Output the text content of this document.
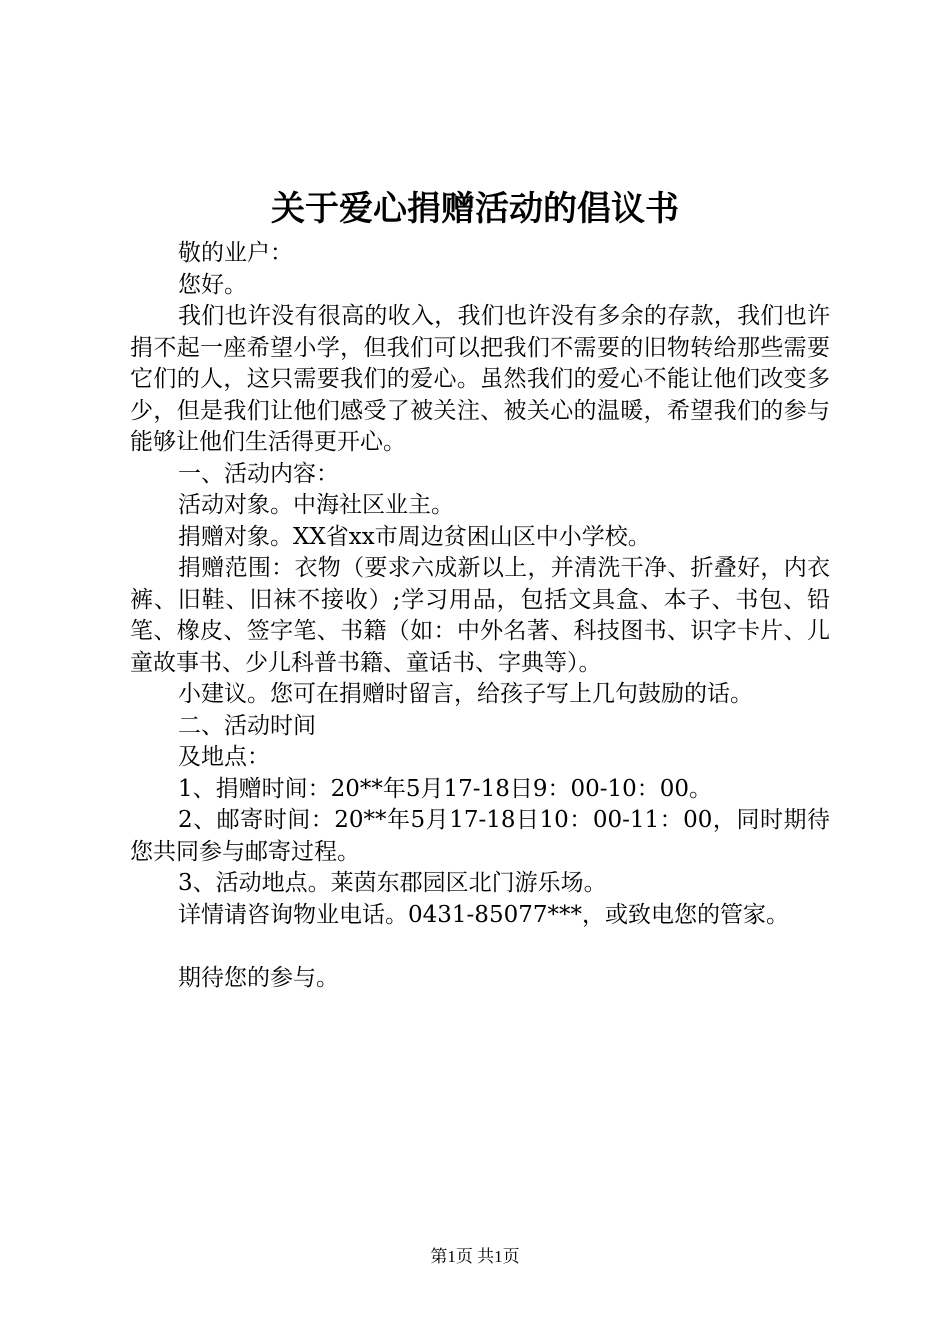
关于爱心捐赠活动的倡议书

敬的业户：

您好。

我们也许没有很高的收入，我们也许没有多余的存款，我们也许捐不起一座希望小学，但我们可以把我们不需要的旧物转给那些需要它们的人，这只需要我们的爱心。虽然我们的爱心不能让他们改变多少，但是我们让他们感受了被关注、被关心的温暖，希望我们的参与能够让他们生活得更开心。

一、活动内容：

活动对象。中海社区业主。

捐赠对象。XX省xx市周边贫困山区中小学校。

捐赠范围：衣物（要求六成新以上，并清洗干净、折叠好，内衣裤、旧鞋、旧袜不接收）;学习用品，包括文具盒、本子、书包、铅笔、橡皮、签字笔、书籍（如：中外名著、科技图书、识字卡片、儿童故事书、少儿科普书籍、童话书、字典等）。

小建议。您可在捐赠时留言，给孩子写上几句鼓励的话。

二、活动时间

及地点：

1、捐赠时间：20**年5月17-18日9：00-10：00。

2、邮寄时间：20**年5月17-18日10：00-11：00，同时期待您共同参与邮寄过程。

3、活动地点。莱茵东郡园区北门游乐场。

详情请咨询物业电话。0431-85077***，或致电您的管家。

期待您的参与。

第1页 共1页
